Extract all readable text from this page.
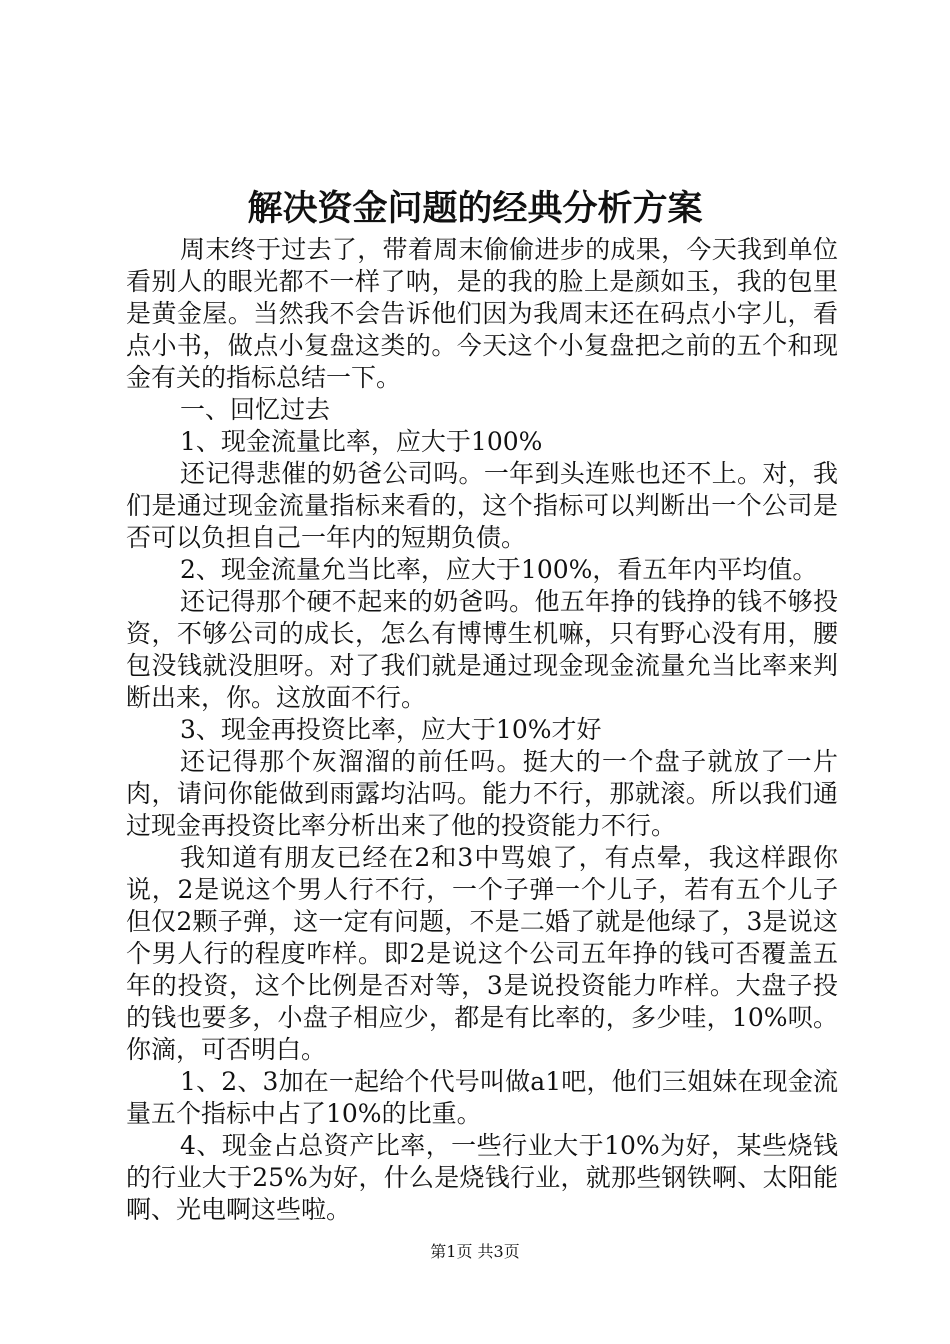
解决资金问题的经典分析方案

周末终于过去了，带着周末偷偷进步的成果，今天我到单位看别人的眼光都不一样了呐，是的我的脸上是颜如玉，我的包里是黄金屋。当然我不会告诉他们因为我周末还在码点小字儿，看点小书，做点小复盘这类的。今天这个小复盘把之前的五个和现金有关的指标总结一下。

一、回忆过去

1、现金流量比率，应大于100%

还记得悲催的奶爸公司吗。一年到头连账也还不上。对，我们是通过现金流量指标来看的，这个指标可以判断出一个公司是否可以负担自己一年内的短期负债。

2、现金流量允当比率，应大于100%，看五年内平均值。

还记得那个硬不起来的奶爸吗。他五年挣的钱挣的钱不够投资，不够公司的成长，怎么有博博生机嘛，只有野心没有用，腰包没钱就没胆呀。对了我们就是通过现金现金流量允当比率来判断出来，你。这放面不行。

3、现金再投资比率，应大于10%才好

还记得那个灰溜溜的前任吗。挺大的一个盘子就放了一片肉，请问你能做到雨露均沾吗。能力不行，那就滚。所以我们通过现金再投资比率分析出来了他的投资能力不行。

我知道有朋友已经在2和3中骂娘了，有点晕，我这样跟你说，2是说这个男人行不行，一个子弹一个儿子，若有五个儿子但仅2颗子弹，这一定有问题，不是二婚了就是他绿了，3是说这个男人行的程度咋样。即2是说这个公司五年挣的钱可否覆盖五年的投资，这个比例是否对等，3是说投资能力咋样。大盘子投的钱也要多，小盘子相应少，都是有比率的，多少哇，10%呗。你滴，可否明白。

1、2、3加在一起给个代号叫做a1吧，他们三姐妹在现金流量五个指标中占了10%的比重。

4、现金占总资产比率，一些行业大于10%为好，某些烧钱的行业大于25%为好，什么是烧钱行业，就那些钢铁啊、太阳能啊、光电啊这些啦。

第1页 共3页
